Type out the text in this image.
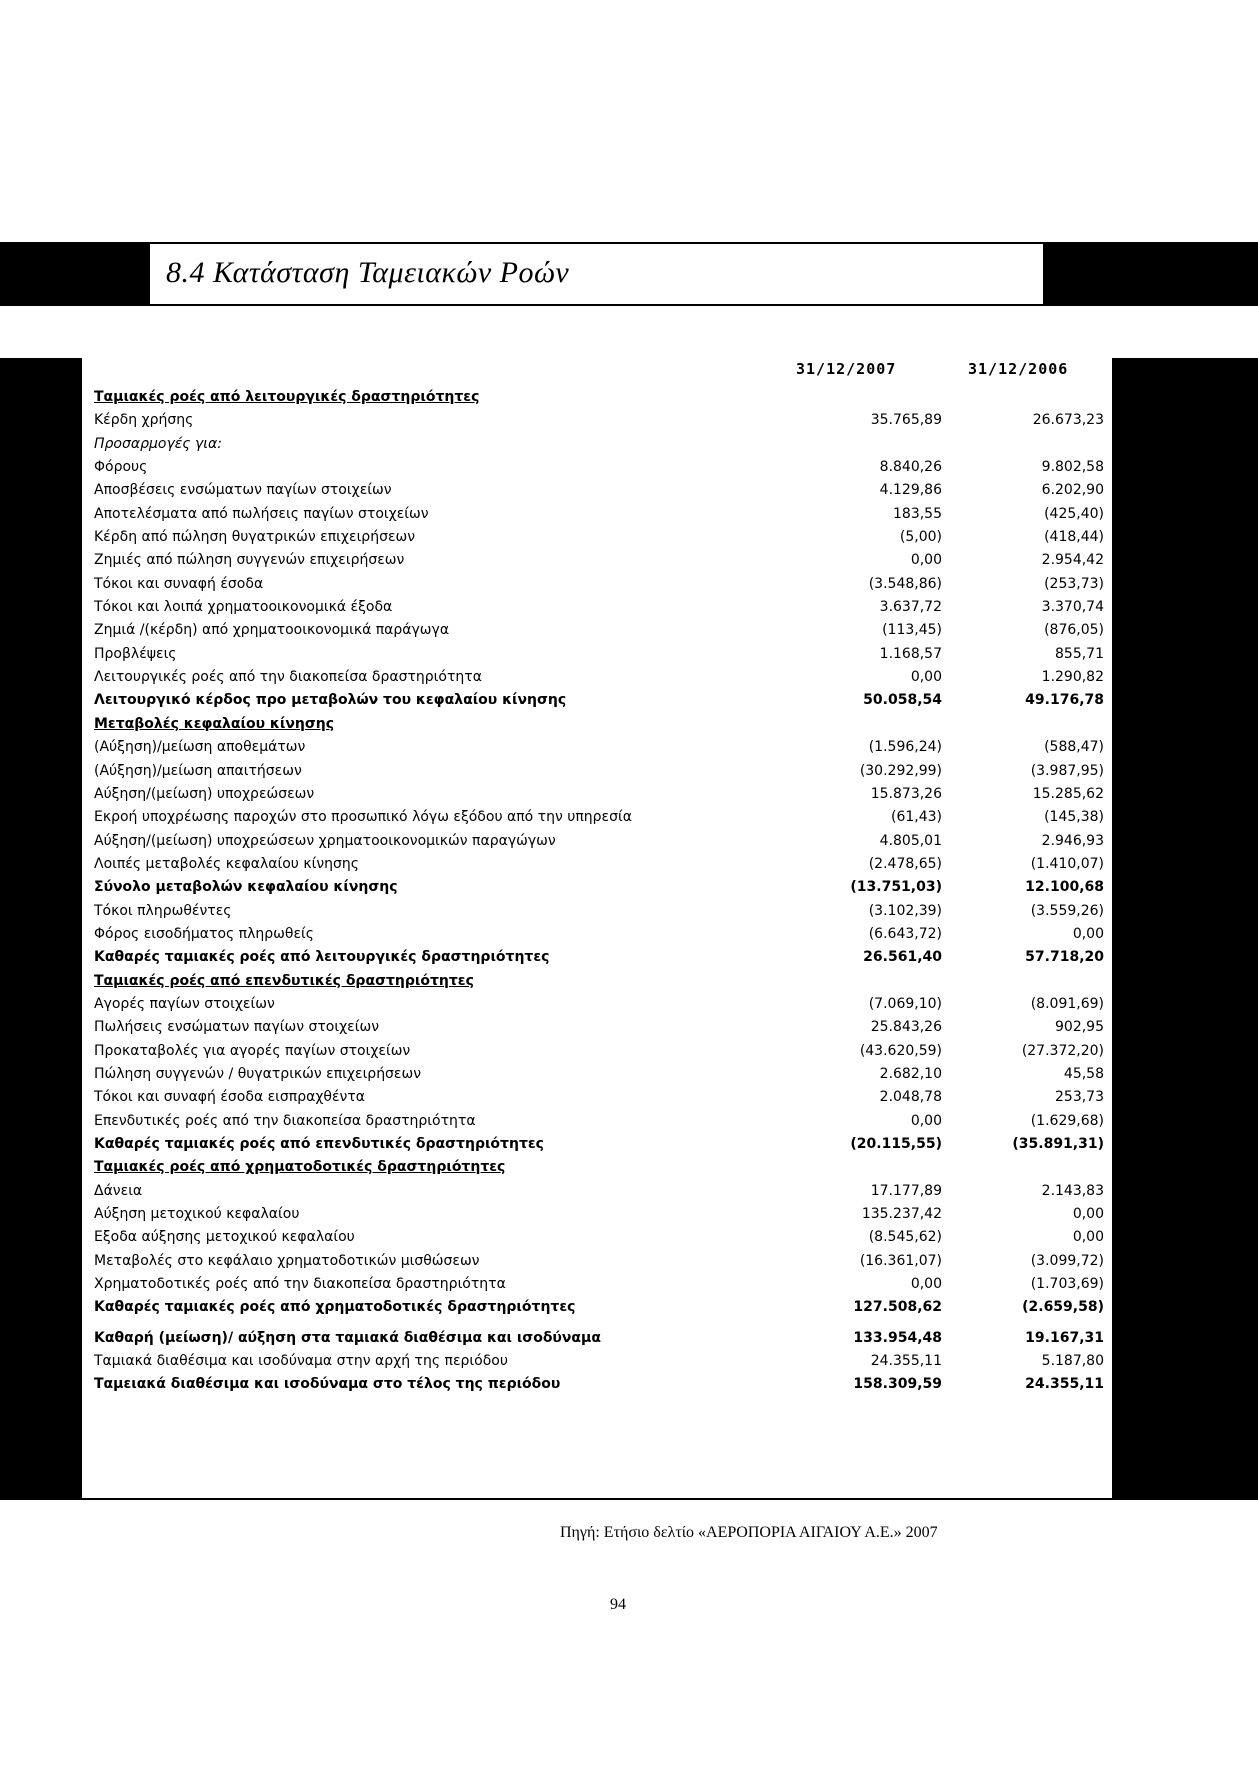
8.4 Κατάσταση Ταμειακών Ροών
31/12/2007	31/12/2006
Ταμιακές ροές από λειτουργικές δραστηριότητες
Κέρδη χρήσης	35.765,89	26.673,23
Προσαρμογές για:
Φόρους	8.840,26	9.802,58
Αποσβέσεις ενσώματων παγίων στοιχείων	4.129,86	6.202,90
Αποτελέσματα από πωλήσεις παγίων στοιχείων	183,55	(425,40)
Κέρδη από πώληση θυγατρικών επιχειρήσεων	(5,00)	(418,44)
Ζημιές από πώληση συγγενών επιχειρήσεων	0,00	2.954,42
Τόκοι και συναφή έσοδα	(3.548,86)	(253,73)
Τόκοι και λοιπά χρηματοοικονομικά έξοδα	3.637,72	3.370,74
Ζημιά /(κέρδη) από χρηματοοικονομικά παράγωγα	(113,45)	(876,05)
Προβλέψεις	1.168,57	855,71
Λειτουργικές ροές από την διακοπείσα δραστηριότητα	0,00	1.290,82
Λειτουργικό κέρδος προ μεταβολών του κεφαλαίου κίνησης	50.058,54	49.176,78
Μεταβολές κεφαλαίου κίνησης
(Αύξηση)/μείωση αποθεμάτων	(1.596,24)	(588,47)
(Αύξηση)/μείωση απαιτήσεων	(30.292,99)	(3.987,95)
Αύξηση/(μείωση) υποχρεώσεων	15.873,26	15.285,62
Εκροή υποχρέωσης παροχών στο προσωπικό λόγω εξόδου από την υπηρεσία	(61,43)	(145,38)
Αύξηση/(μείωση) υποχρεώσεων χρηματοοικονομικών παραγώγων	4.805,01	2.946,93
Λοιπές μεταβολές κεφαλαίου κίνησης	(2.478,65)	(1.410,07)
Σύνολο μεταβολών κεφαλαίου κίνησης	(13.751,03)	12.100,68
Τόκοι πληρωθέντες	(3.102,39)	(3.559,26)
Φόρος εισοδήματος πληρωθείς	(6.643,72)	0,00
Καθαρές ταμιακές ροές από λειτουργικές δραστηριότητες	26.561,40	57.718,20
Ταμιακές ροές από επενδυτικές δραστηριότητες
Αγορές παγίων στοιχείων	(7.069,10)	(8.091,69)
Πωλήσεις ενσώματων παγίων στοιχείων	25.843,26	902,95
Προκαταβολές για αγορές παγίων στοιχείων	(43.620,59)	(27.372,20)
Πώληση συγγενών / θυγατρικών επιχειρήσεων	2.682,10	45,58
Τόκοι και συναφή έσοδα εισπραχθέντα	2.048,78	253,73
Επενδυτικές ροές από την διακοπείσα δραστηριότητα	0,00	(1.629,68)
Καθαρές ταμιακές ροές από επενδυτικές δραστηριότητες	(20.115,55)	(35.891,31)
Ταμιακές ροές από χρηματοδοτικές δραστηριότητες
Δάνεια	17.177,89	2.143,83
Αύξηση μετοχικού κεφαλαίου	135.237,42	0,00
Εξοδα αύξησης μετοχικού κεφαλαίου	(8.545,62)	0,00
Μεταβολές στο κεφάλαιο χρηματοδοτικών μισθώσεων	(16.361,07)	(3.099,72)
Χρηματοδοτικές ροές από την διακοπείσα δραστηριότητα	0,00	(1.703,69)
Καθαρές ταμιακές ροές από χρηματοδοτικές δραστηριότητες	127.508,62	(2.659,58)
Καθαρή (μείωση)/ αύξηση στα ταμιακά διαθέσιμα και ισοδύναμα	133.954,48	19.167,31
Ταμιακά διαθέσιμα και ισοδύναμα στην αρχή της περιόδου	24.355,11	5.187,80
Ταμειακά διαθέσιμα και ισοδύναμα στο τέλος της περιόδου	158.309,59	24.355,11
Πηγή: Ετήσιο δελτίο «ΑΕΡΟΠΟΡΙΑ ΑΙΓΑΙΟΥ Α.Ε.» 2007
94
